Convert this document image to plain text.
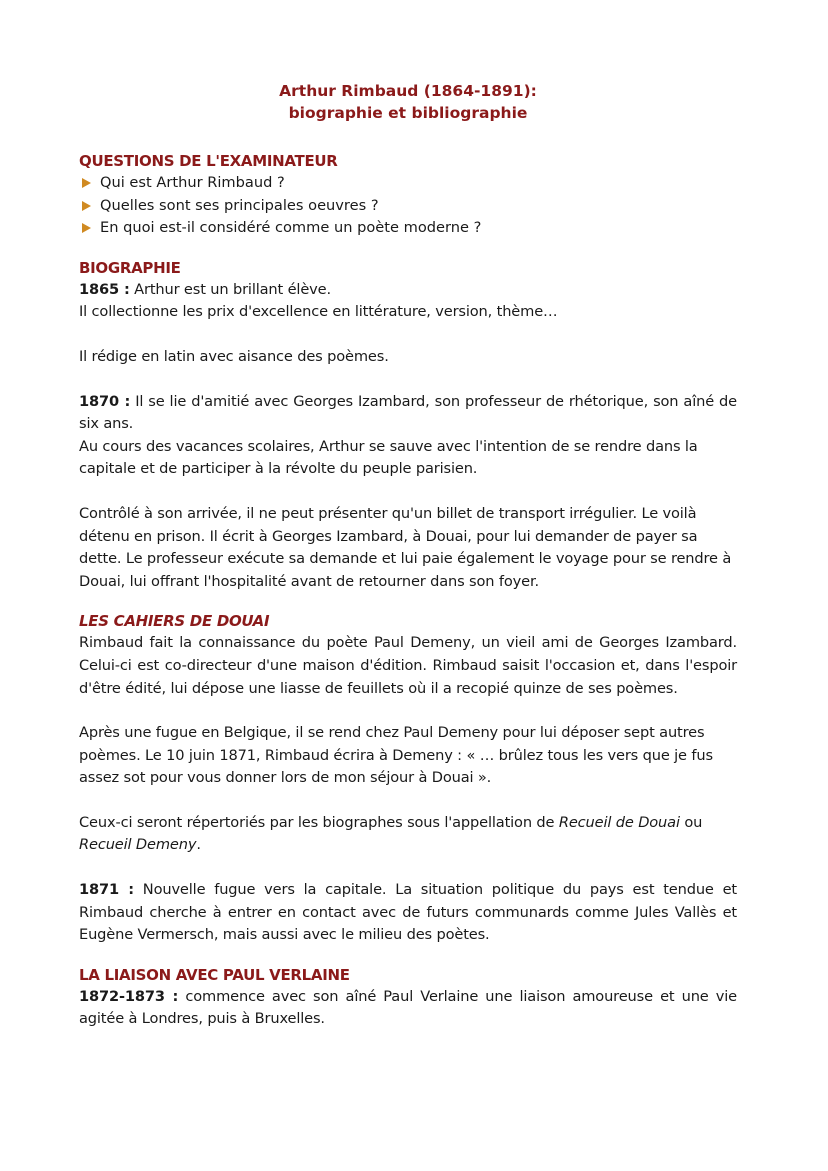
Arthur Rimbaud (1864-1891):
biographie et bibliographie
QUESTIONS DE L'EXAMINATEUR
Qui est Arthur Rimbaud ?
Quelles sont ses principales oeuvres ?
En quoi est-il considéré comme un poète moderne ?
BIOGRAPHIE

1865 : Arthur est un brillant élève.

Il collectionne les prix d'excellence en littérature, version, thème…

Il rédige en latin avec aisance des poèmes.

1870 : Il se lie d'amitié avec Georges Izambard, son professeur de rhétorique, son aîné de six ans.

Au cours des vacances scolaires, Arthur se sauve avec l'intention de se rendre dans la capitale et de participer à la révolte du peuple parisien.

Contrôlé à son arrivée, il ne peut présenter qu'un billet de transport irrégulier. Le voilà détenu en prison. Il écrit à Georges Izambard, à Douai, pour lui demander de payer sa dette. Le professeur exécute sa demande et lui paie également le voyage pour se rendre à Douai, lui offrant l'hospitalité avant de retourner dans son foyer.

LES CAHIERS DE DOUAI

Rimbaud fait la connaissance du poète Paul Demeny, un vieil ami de Georges Izambard. Celui-ci est co-directeur d'une maison d'édition. Rimbaud saisit l'occasion et, dans l'espoir d'être édité, lui dépose une liasse de feuillets où il a recopié quinze de ses poèmes.

Après une fugue en Belgique, il se rend chez Paul Demeny pour lui déposer sept autres poèmes. Le 10 juin 1871, Rimbaud écrira à Demeny : « … brûlez tous les vers que je fus assez sot pour vous donner lors de mon séjour à Douai ».

Ceux-ci seront répertoriés par les biographes sous l'appellation de Recueil de Douai ou Recueil Demeny.

1871 : Nouvelle fugue vers la capitale. La situation politique du pays est tendue et Rimbaud cherche à entrer en contact avec de futurs communards comme Jules Vallès et Eugène Vermersch, mais aussi avec le milieu des poètes.

LA LIAISON AVEC PAUL VERLAINE

1872-1873 : commence avec son aîné Paul Verlaine une liaison amoureuse et une vie agitée à Londres, puis à Bruxelles.
